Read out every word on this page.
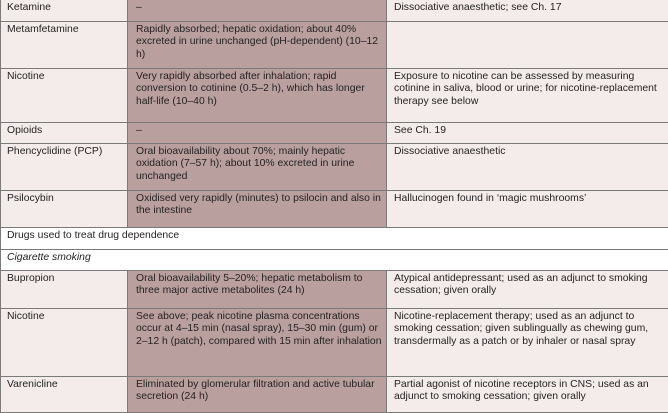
Ketamine	–	Dissociative anaesthetic; see Ch. 17
Metamfetamine	Rapidly absorbed; hepatic oxidation; about 40% excreted in urine unchanged (pH-dependent) (10–12 h)	
Nicotine	Very rapidly absorbed after inhalation; rapid conversion to cotinine (0.5–2 h), which has longer half-life (10–40 h)	Exposure to nicotine can be assessed by measuring cotinine in saliva, blood or urine; for nicotine-replacement therapy see below
Opioids	–	See Ch. 19
Phencyclidine (PCP)	Oral bioavailability about 70%; mainly hepatic oxidation (7–57 h); about 10% excreted in urine unchanged	Dissociative anaesthetic
Psilocybin	Oxidised very rapidly (minutes) to psilocin and also in the intestine	Hallucinogen found in ‘magic mushrooms’
Drugs used to treat drug dependence		
Cigarette smoking		
Bupropion	Oral bioavailability 5–20%; hepatic metabolism to three major active metabolites (24 h)	Atypical antidepressant; used as an adjunct to smoking cessation; given orally
Nicotine	See above; peak nicotine plasma concentrations occur at 4–15 min (nasal spray), 15–30 min (gum) or 2–12 h (patch), compared with 15 min after inhalation	Nicotine-replacement therapy; used as an adjunct to smoking cessation; given sublingually as chewing gum, transdermally as a patch or by inhaler or nasal spray
Varenicline	Eliminated by glomerular filtration and active tubular secretion (24 h)	Partial agonist of nicotine receptors in CNS; used as an adjunct to smoking cessation; given orally
